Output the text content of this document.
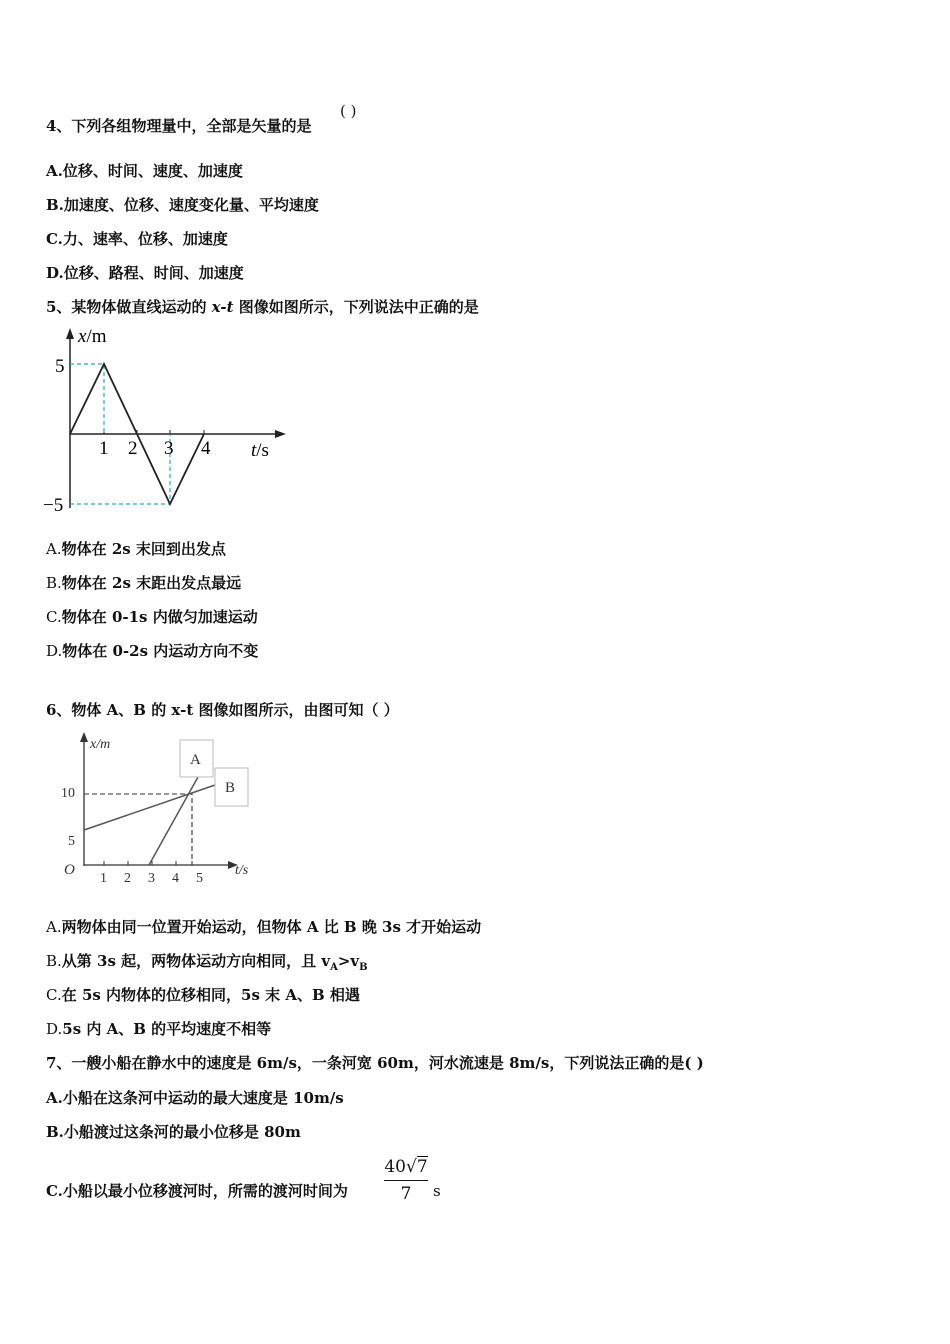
4、下列各组物理量中，全部是矢量的是
( )
A.位移、时间、速度、加速度
B.加速度、位移、速度变化量、平均速度
C.力、速率、位移、加速度
D.位移、路程、时间、加速度
5、某物体做直线运动的 x-t 图像如图所示，下列说法中正确的是
x/m
t/s
5
−5
1 2 3 4
A.物体在 2s 末回到出发点
B.物体在 2s 末距出发点最远
C.物体在 0-1s 内做匀加速运动
D.物体在 0-2s 内运动方向不变
6、物体 A、B 的 x-t 图像如图所示，由图可知（ ）
A
B
x/m
t/s
O
10
5
1 2 3 4 5
A.两物体由同一位置开始运动，但物体 A 比 B 晚 3s 才开始运动
B.从第 3s 起，两物体运动方向相同，且 $v_A>v_B$
C.在 5s 内物体的位移相同，5s 末 A、B 相遇
D.5s 内 A、B 的平均速度不相等
7、一艘小船在静水中的速度是 6m/s，一条河宽 60m，河水流速是 8m/s，下列说法正确的是( )
A.小船在这条河中运动的最大速度是 10m/s
B.小船渡过这条河的最小位移是 80m
C.小船以最小位移渡河时，所需的渡河时间为
40√7
7	s
